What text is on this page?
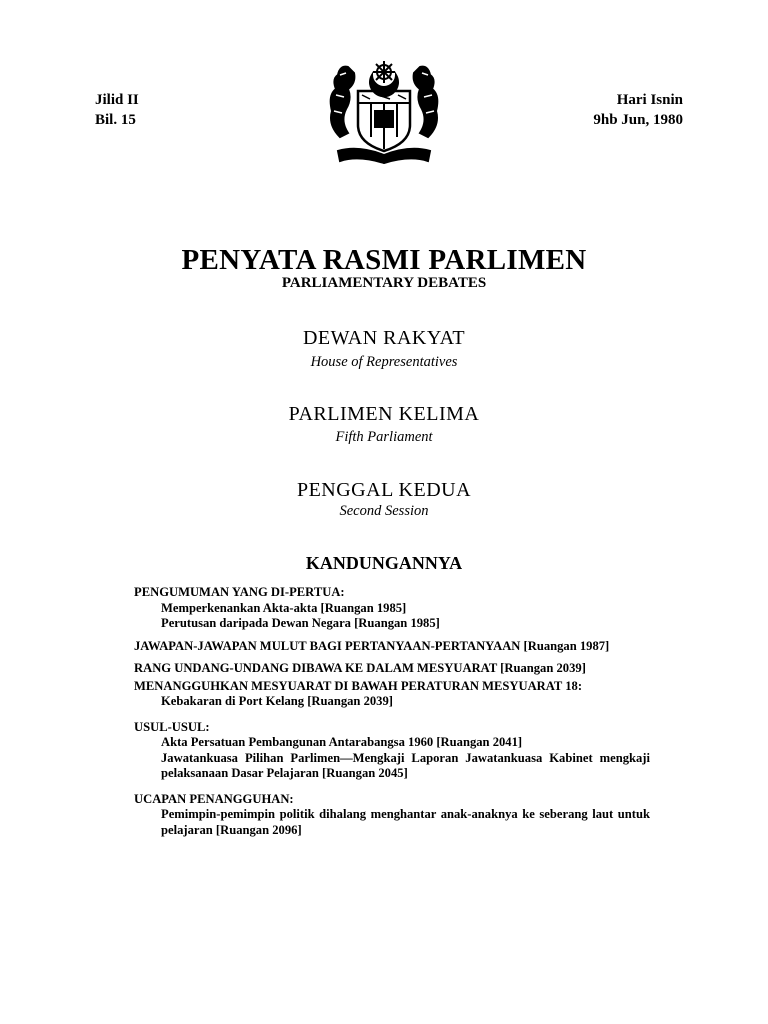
Jilid II
Bil. 15
Hari Isnin
9hb Jun, 1980
PENYATA RASMI PARLIMEN
PARLIAMENTARY DEBATES
DEWAN RAKYAT
House of Representatives
PARLIMEN KELIMA
Fifth Parliament
PENGGAL KEDUA
Second Session
KANDUNGANNYA
PENGUMUMAN YANG DI-PERTUA:
Memperkenankan Akta-akta [Ruangan 1985]
Perutusan daripada Dewan Negara [Ruangan 1985]
JAWAPAN-JAWAPAN MULUT BAGI PERTANYAAN-PERTANYAAN [Ruangan 1987]
RANG UNDANG-UNDANG DIBAWA KE DALAM MESYUARAT [Ruangan 2039]
MENANGGUHKAN MESYUARAT DI BAWAH PERATURAN MESYUARAT 18:
Kebakaran di Port Kelang [Ruangan 2039]
USUL-USUL:
Akta Persatuan Pembangunan Antarabangsa 1960 [Ruangan 2041]
Jawatankuasa Pilihan Parlimen—Mengkaji Laporan Jawatankuasa Kabinet mengkaji pelaksanaan Dasar Pelajaran [Ruangan 2045]
UCAPAN PENANGGUHAN:
Pemimpin-pemimpin politik dihalang menghantar anak-anaknya ke seberang laut untuk pelajaran [Ruangan 2096]
